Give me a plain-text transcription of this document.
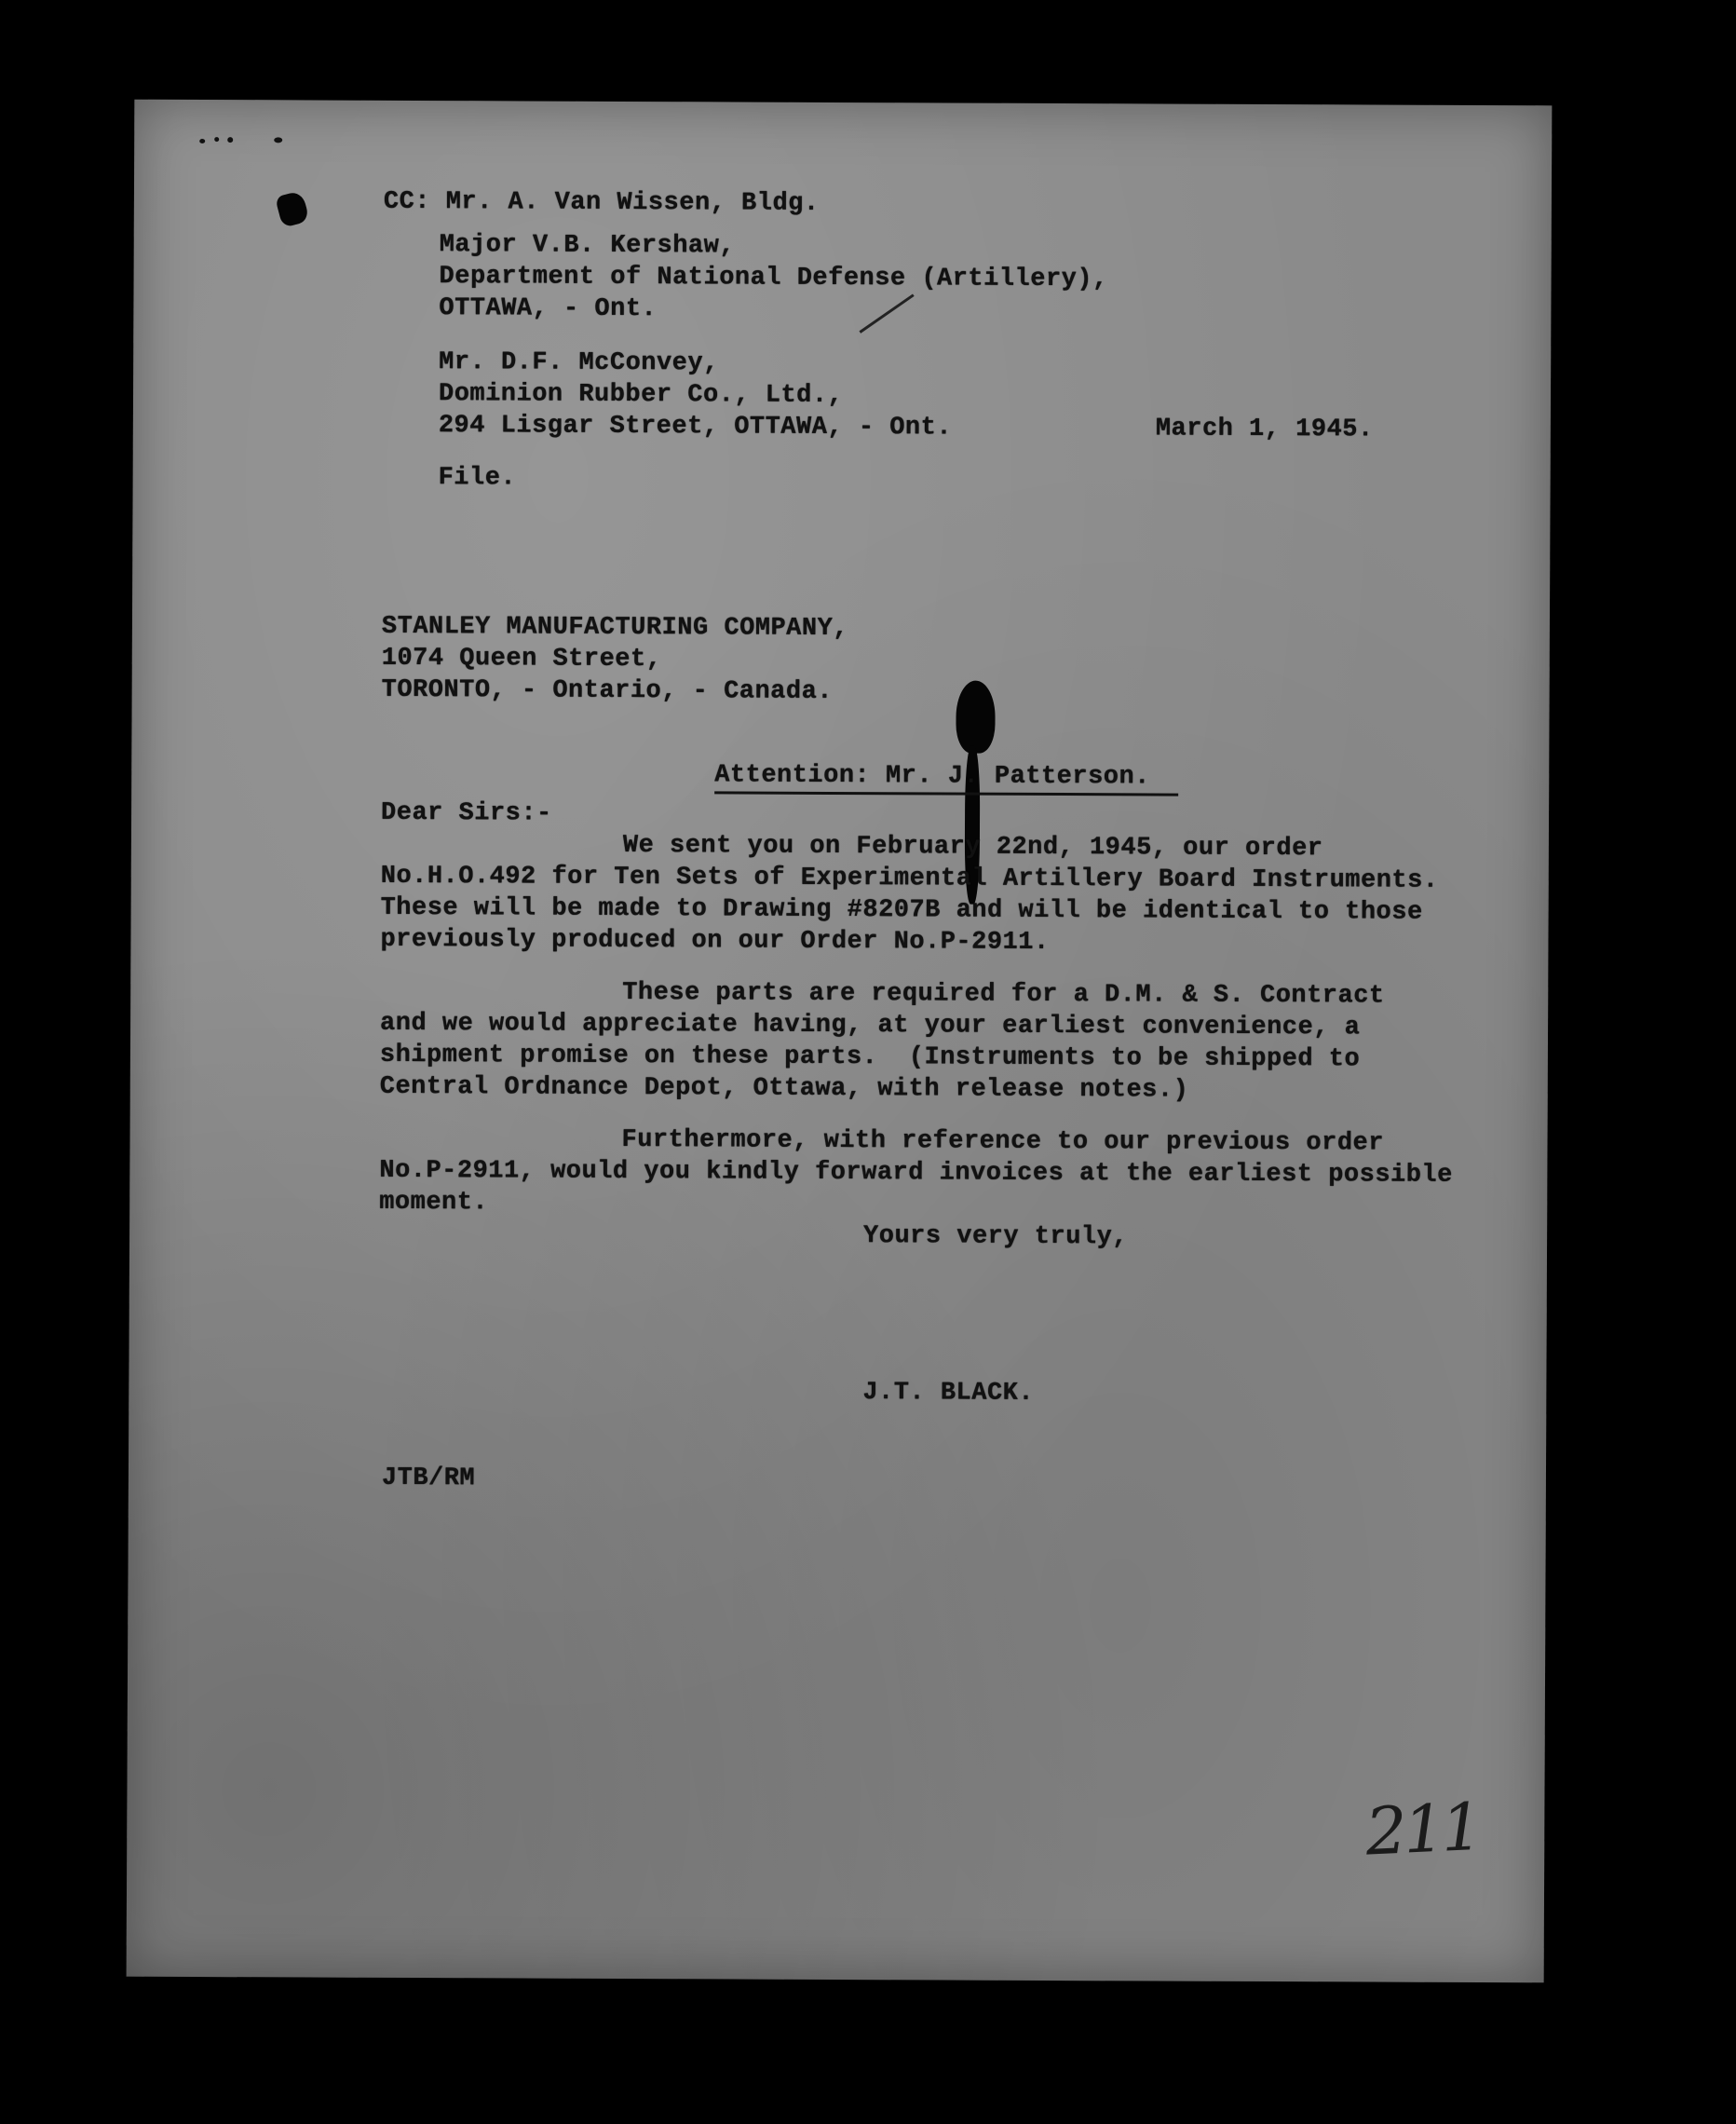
CC: Mr. A. Van Wissen, Bldg.
Major V.B. Kershaw,
Department of National Defense (Artillery),
OTTAWA, - Ont.
Mr. D.F. McConvey,
Dominion Rubber Co., Ltd.,
294 Lisgar Street, OTTAWA, - Ont.	March 1, 1945.
File.
STANLEY MANUFACTURING COMPANY,
1074 Queen Street,
TORONTO, - Ontario, - Canada.
Attention: Mr. J. Patterson.
Dear Sirs:-
We sent you on February 22nd, 1945, our order
No.H.O.492 for Ten Sets of Experimental Artillery Board Instruments.
These will be made to Drawing #8207B and will be identical to those
previously produced on our Order No.P-2911.
These parts are required for a D.M. & S. Contract
and we would appreciate having, at your earliest convenience, a
shipment promise on these parts.  (Instruments to be shipped to
Central Ordnance Depot, Ottawa, with release notes.)
Furthermore, with reference to our previous order
No.P-2911, would you kindly forward invoices at the earliest possible
moment.
Yours very truly,
J.T. BLACK.
JTB/RM
211
